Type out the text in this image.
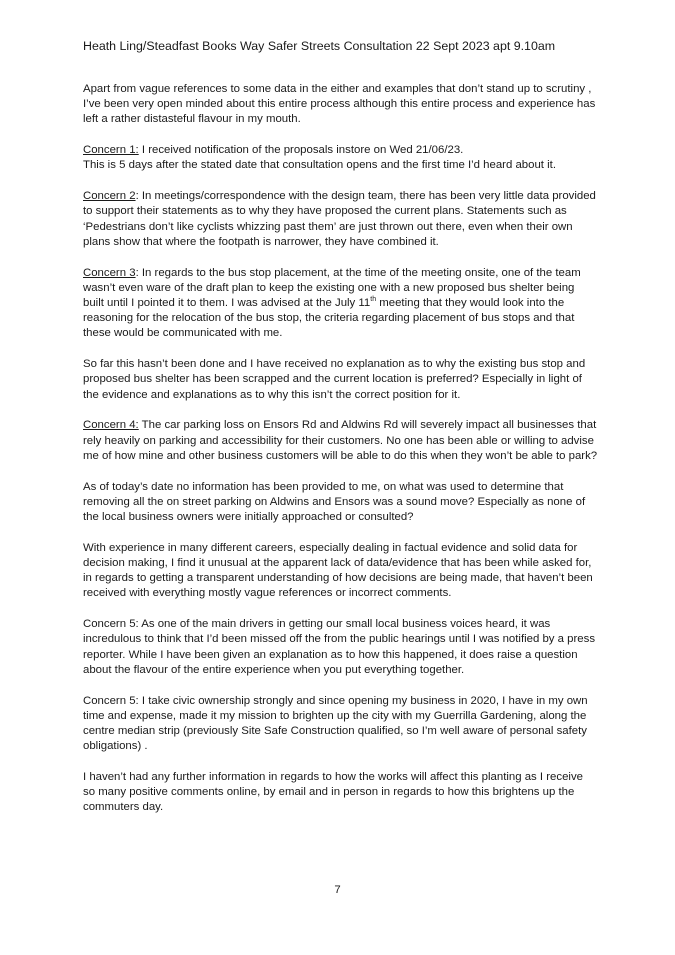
Heath Ling/Steadfast Books Way Safer Streets Consultation 22 Sept 2023 apt 9.10am

Apart from vague references to some data in the either and examples that don’t stand up to scrutiny , I’ve been very open minded about this entire process although this entire process and experience has left a rather distasteful flavour in my mouth.

Concern 1: I received notification of the proposals instore on Wed 21/06/23.
This is 5 days after the stated date that consultation opens and the first time I’d heard about it.

Concern 2: In meetings/correspondence with the design team, there has been very little data provided to support their statements as to why they have proposed the current plans. Statements such as ‘Pedestrians don’t like cyclists whizzing past them’ are just thrown out there, even when their own plans show that where the footpath is narrower, they have combined it.

Concern 3: In regards to the bus stop placement, at the time of the meeting onsite, one of the team wasn’t even ware of the draft plan to keep the existing one with a new proposed bus shelter being built until I pointed it to them. I was advised at the July 11th meeting that they would look into the reasoning for the relocation of the bus stop, the criteria regarding placement of bus stops and that these would be communicated with me.

So far this hasn’t been done and I have received no explanation as to why the existing bus stop and proposed bus shelter has been scrapped and the current location is preferred? Especially in light of the evidence and explanations as to why this isn’t the correct position for it.

Concern 4: The car parking loss on Ensors Rd and Aldwins Rd will severely impact all businesses that rely heavily on parking and accessibility for their customers. No one has been able or willing to advise me of how mine and other business customers will be able to do this when they won’t be able to park?

As of today’s date no information has been provided to me, on what was used to determine that removing all the on street parking on Aldwins and Ensors was a sound move? Especially as none of the local business owners were initially approached or consulted?

With experience in many different careers, especially dealing in factual evidence and solid data for decision making, I find it unusual at the apparent lack of data/evidence that has been while asked for, in regards to getting a transparent understanding of how decisions are being made, that haven’t been received with everything mostly vague references or incorrect comments.

Concern 5: As one of the main drivers in getting our small local business voices heard, it was incredulous to think that I’d been missed off the from the public hearings until I was notified by a press reporter. While I have been given an explanation as to how this happened, it does raise a question about the flavour of the entire experience when you put everything together.

Concern 5: I take civic ownership strongly and since opening my business in 2020, I have in my own time and expense, made it my mission to brighten up the city with my Guerrilla Gardening, along the centre median strip (previously Site Safe Construction qualified, so I’m well aware of personal safety obligations) .

I haven’t had any further information in regards to how the works will affect this planting as I receive so many positive comments online, by email and in person in regards to how this brightens up the commuters day.

7
